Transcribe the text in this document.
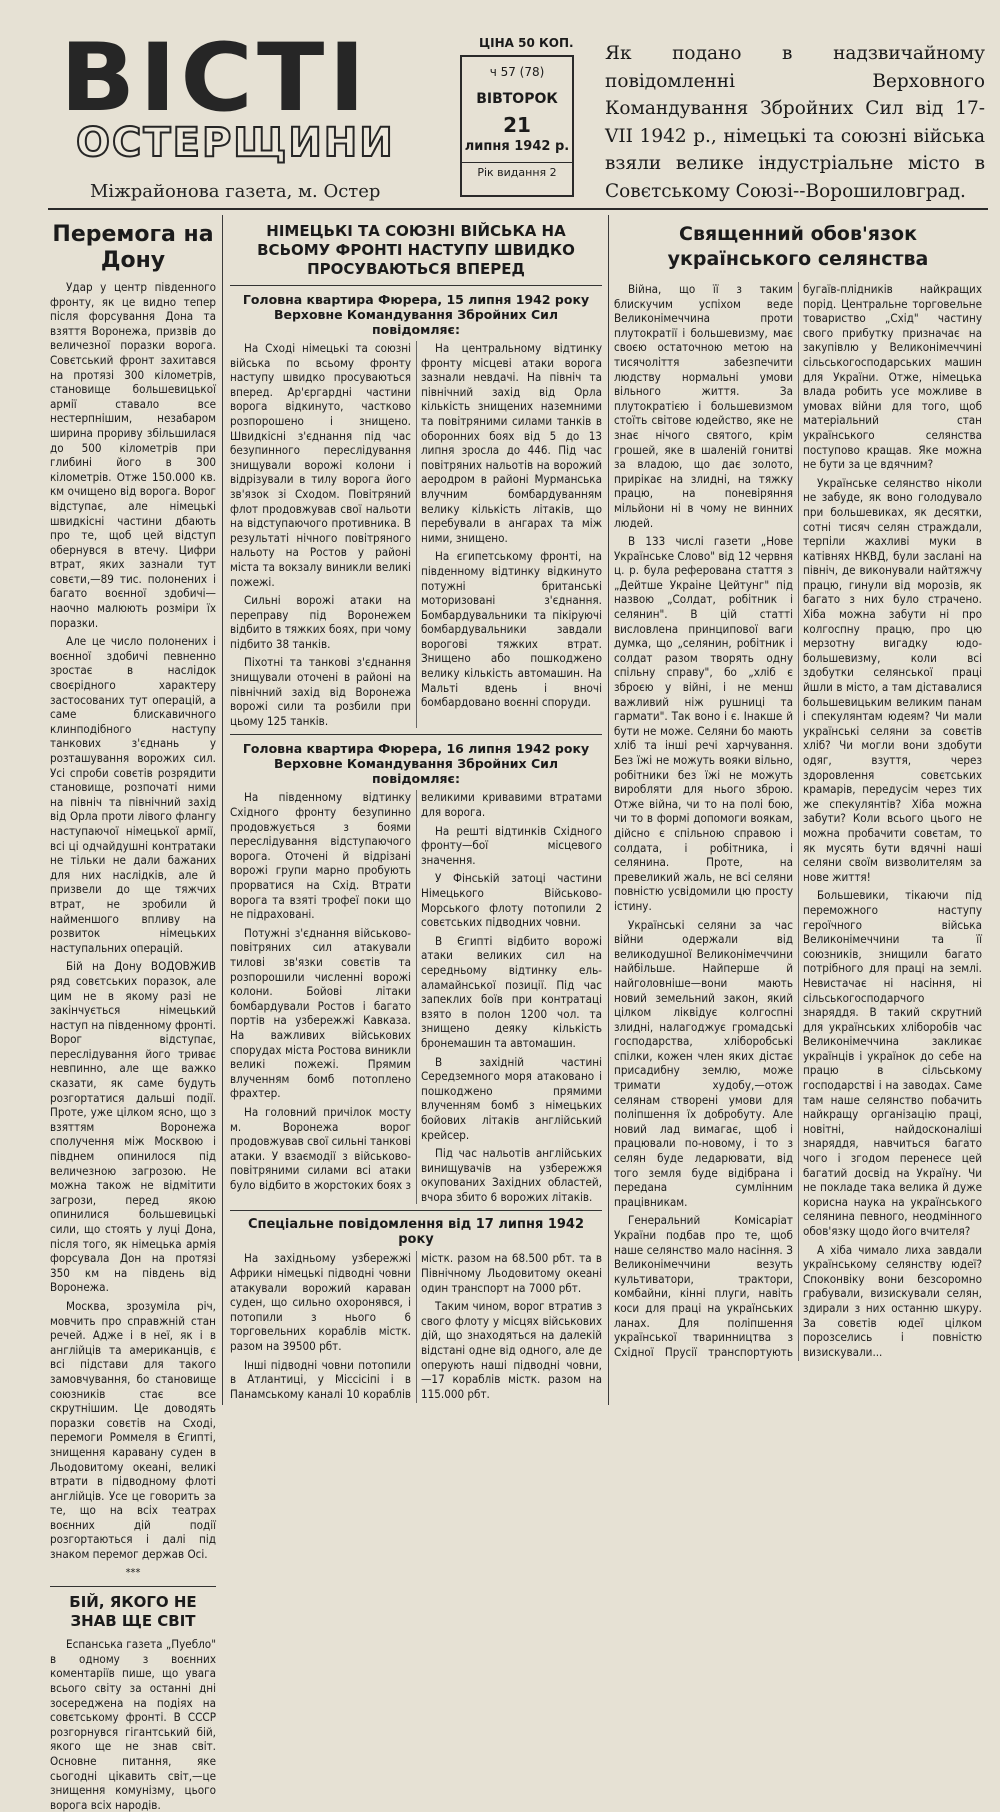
ВІСТІ
ОСТЕРЩИНИ
Міжрайонова газета, м. Остер
ЦІНА 50 КОП.
ч 57 (78)
ВІВТОРОК
21
липня 1942 р.
Рік видання 2
Як подано в надзвичайному повідомленні Верховного Командування Збройних Сил від 17-VII 1942 р., німецькі та союзні війська взяли велике індустріальне місто в Совєтському Союзі--Ворошиловград.
Перемога на Дону

Удар у центр південного фронту, як це видно тепер після форсування Дона та взяття Воронежа, призвів до величезної поразки ворога. Совєтський фронт захитався на протязі 300 кілометрів, становище большевицької армії ставало все нестерпнішим, незабаром ширина прориву збільшилася до 500 кілометрів при глибині його в 300 кілометрів. Отже 150.000 кв. км очищено від ворога. Ворог відступає, але німецькі швидкісні частини дбають про те, щоб цей відступ обернувся в втечу. Цифри втрат, яких зазнали тут совєти,—89 тис. полонених і багато воєнної здобичі—наочно малюють розміри їх поразки.

Але це число полонених і воєнної здобичі певненно зростає в наслідок своєрідного характеру застосованих тут операцій, а саме блискавичного клинподібного наступу танкових з'єднань у розташування ворожих сил. Усі спроби совєтів розрядити становище, розпочаті ними на північ та північний захід від Орла проти лівого флангу наступаючої німецької армії, всі ці одчайдушні контратаки не тільки не дали бажаних для них наслідків, але й призвели до ще тяжчих втрат, не зробили й найменшого впливу на розвиток німецьких наступальних операцій.

Бій на Дону ВОДОВЖИВ ряд совєтських поразок, але цим не в якому разі не закінчується німецький наступ на південному фронті. Ворог відступає, переслідування його триває невпинно, але ще важко сказати, як саме будуть розгортатися дальші події. Проте, уже цілком ясно, що з взяттям Воронежа сполучення між Москвою і півднем опинилося під величезною загрозою. Не можна також не відмітити загрози, перед якою опинилися большевицькі сили, що стоять у луці Дона, після того, як німецька армія форсувала Дон на протязі 350 км на південь від Воронежа.

Москва, зрозуміла річ, мовчить про справжній стан речей. Адже і в неї, як і в англійців та американців, є всі підстави для такого замовчування, бо становище союзників стає все скрутнішим. Це доводять поразки совєтів на Сході, перемоги Роммеля в Єгипті, знищення каравану суден в Льодовитому океані, великі втрати в підводному флоті англійців. Усе це говорить за те, що на всіх театрах воєнних дій події розгортаються і далі під знаком перемог держав Осі.

***
БІЙ, ЯКОГО НЕ ЗНАВ ЩЕ СВІТ

Еспанська газета „Пуебло" в одному з воєнних коментаріїв пише, що увага всього світу за останні дні зосереджена на подіях на совєтському фронті. В СССР розгорнувся гігантський бій, якого ще не знав світ. Основне питання, яке сьогодні цікавить світ,—це знищення комунізму, цього ворога всіх народів.

НІМЕЦЬКІ ТА СОЮЗНІ ВІЙСЬКА НА ВСЬОМУ ФРОНТІ НАСТУПУ ШВИДКО ПРОСУВАЮТЬСЯ ВПЕРЕД
Головна квартира Фюрера, 15 липня 1942 року
Верховне Командування Збройних Сил повідомляє:

На Сході німецькі та союзні війська по всьому фронту наступу швидко просуваються вперед. Ар'єргардні частини ворога відкинуто, частково розпорошено і знищено. Швидкісні з'єднання під час безупинного переслідування знищували ворожі колони і відрізували в тилу ворога його зв'язок зі Сходом. Повітряний флот продовжував свої нальоти на відступаючого противника. В результаті нічного повітряного нальоту на Ростов у районі міста та вокзалу виникли великі пожежі.

Сильні ворожі атаки на переправу під Воронежем відбито в тяжких боях, при чому підбито 38 танків.

Піхотні та танкові з'єднання знищували оточені в районі на північний захід від Воронежа ворожі сили та розбили при цьому 125 танків.

На центральному відтинку фронту місцеві атаки ворога зазнали невдачі. На північ та північний захід від Орла кількість знищених наземними та повітряними силами танків в оборонних боях від 5 до 13 липня зросла до 446. Під час повітряних нальотів на ворожий аеродром в районі Мурманська влучним бомбардуванням велику кількість літаків, що перебували в ангарах та між ними, знищено.

На єгипетському фронті, на південному відтинку відкинуто потужні британські моторизовані з'єднання. Бомбардувальники та пікіруючі бомбардувальники завдали ворогові тяжких втрат. Знищено або пошкоджено велику кількість автомашин. На Мальті вдень і вночі бомбардовано воєнні споруди.

Головна квартира Фюрера, 16 липня 1942 року
Верховне Командування Збройних Сил повідомляє:

На південному відтинку Східного фронту безупинно продовжується з боями переслідування відступаючого ворога. Оточені й відрізані ворожі групи марно пробують прорватися на Схід. Втрати ворога та взяті трофеї поки що не підраховані.

Потужні з'єднання військово-повітряних сил атакували тилові зв'язки совєтів та розпорошили численні ворожі колони. Бойові літаки бомбардували Ростов і багато портів на узбережжі Кавказа. На важливих військових спорудах міста Ростова виникли великі пожежі. Прямим влученням бомб потоплено фрахтер.

На головний причілок мосту м. Воронежа ворог продовжував свої сильні танкові атаки. У взаємодії з військово-повітряними силами всі атаки було відбито в жорстоких боях з великими кривавими втратами для ворога.

На решті відтинків Східного фронту—бої місцевого значення.

У Фінській затоці частини Німецького Військово-Морського флоту потопили 2 совєтських підводних човни.

В Єгипті відбито ворожі атаки великих сил на середньому відтинку ель-аламайнської позиції. Під час запеклих боїв при контратаці взято в полон 1200 чол. та знищено деяку кількість бронемашин та автомашин.

В західній частині Середземного моря атаковано і пошкоджено прямими влученням бомб з німецьких бойових літаків англійський крейсер.

Під час нальотів англійських винищувачів на узбережжя окупованих Західних областей, вчора збито 6 ворожих літаків.

Спеціальне повідомлення від 17 липня 1942 року

На західньому узбережжі Африки німецькі підводні човни атакували ворожий караван суден, що сильно охоронявся, і потопили з нього 6 торговельних кораблів містк. разом на 39500 рбт.

Інші підводні човни потопили в Атлантиці, у Міссісіпі і в Панамському каналі 10 кораблів містк. разом на 68.500 рбт. та в Північному Льодовитому океані один транспорт на 7000 рбт.

Таким чином, ворог втратив з свого флоту у місцях військових дій, що знаходяться на далекій відстані одне від одного, але де оперують наші підводні човни,—17 кораблів містк. разом на 115.000 рбт.

Священний обов'язок українського селянства

Війна, що її з таким блискучим успіхом веде Великонімеччина проти плутократії і большевизму, має своєю остаточною метою на тисячоліття забезпечити людству нормальні умови вільного життя. За плутократією і большевизмом стоїть світове юдейство, яке не знає нічого святого, крім грошей, яке в шаленій гонитві за владою, що дає золото, прирікає на злидні, на тяжку працю, на поневіряння мільйони ні в чому не винних людей.

В 133 числі газети „Нове Українське Слово" від 12 червня ц. р. була реферована стаття з „Дейтше Украіне Цейтунг" під назвою „Солдат, робітник і селянин". В цій статті висловлена принципової ваги думка, що „селянин, робітник і солдат разом творять одну спільну справу", бо „хліб є зброєю у війні, і не менш важливий ніж рушниці та гармати". Так воно і є. Інакше й бути не може. Селяни бо мають хліб та інші речі харчування. Без їжі не можуть вояки вільно, робітники без їжі не можуть виробляти для нього зброю. Отже війна, чи то на полі бою, чи то в формі допомоги воякам, дійсно є спільною справою і солдата, і робітника, і селянина. Проте, на превеликий жаль, не всі селяни повністю усвідомили цю просту істину.

Українські селяни за час війни одержали від великодушної Великонімеччини найбільше. Найперше й найголовніше—вони мають новий земельний закон, який цілком ліквідує колгоспні злидні, налагоджує громадські господарства, хліборобські спілки, кожен член яких дістає присадибну землю, може тримати худобу,—отож селянам створені умови для поліпшення їх добробуту. Але новий лад вимагає, щоб і працювали по-новому, і то з селян буде ледарювати, від того земля буде відібрана і передана сумлінним працівникам.

Генеральний Комісаріат України подбав про те, щоб наше селянство мало насіння. З Великонімеччини везуть культиватори, трактори, комбайни, кінні плуги, навіть коси для праці на українських ланах. Для поліпшення української тваринництва з Східної Прусії транспортують бугаїв-плідників найкращих порід. Центральне торговельне товариство „Схід" частину свого прибутку призначає на закупівлю у Великонімеччині сільськогосподарських машин для України. Отже, німецька влада робить усе можливе в умовах війни для того, щоб матеріальний стан українського селянства поступово кращав. Яке можна не бути за це вдячним?

Українське селянство ніколи не забуде, як воно голодувало при большевиках, як десятки, сотні тисяч селян страждали, терпіли жахливі муки в катівнях НКВД, були заслані на північ, де виконували найтяжчу працю, гинули від морозів, як багато з них було страчено. Хіба можна забути ні про колгоспну працю, про цю мерзотну вигадку юдо-большевизму, коли всі здобутки селянської праці йшли в місто, а там діставалися большевицьким великим панам і спекулянтам юдеям? Чи мали українські селяни за совєтів хліб? Чи могли вони здобути одяг, взуття, через здоровлення совєтських крамарів, передусім через тих же спекулянтів? Хіба можна забути? Коли всього цього не можна пробачити совєтам, то як мусять бути вдячні наші селяни своїм визволителям за нове життя!

Большевики, тікаючи під переможного наступу героїчного війська Великонімеччини та її союзників, знищили багато потрібного для праці на землі. Невистачає ні насіння, ні сільськогосподарчого знаряддя. В такий скрутний для українських хліборобів час Великонімеччина закликає українців і українок до себе на працю в сільському господарстві і на заводах. Саме там наше селянство побачить найкращу організацію праці, новітні, найдосконаліші знаряддя, навчиться багато чого і згодом перенесе цей багатий досвід на Україну. Чи не покладе така велика й дуже корисна наука на українського селянина певного, неодмінного обов'язку щодо його вчителя?

А хіба чимало лиха завдали українському селянству юдеї? Споконвіку вони безсоромно грабували, визискували селян, здирали з них останню шкуру. За совєтів юдеї цілком порозселись і повністю визискували...
